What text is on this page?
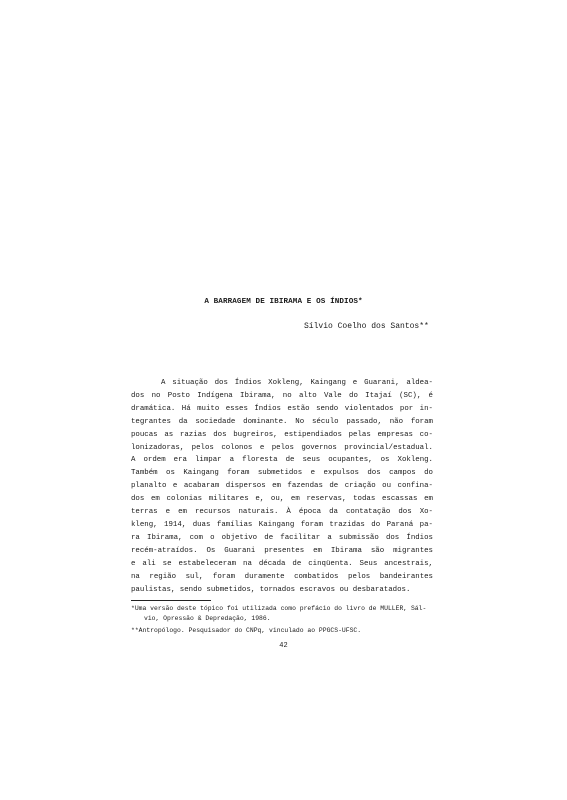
A BARRAGEM DE IBIRAMA E OS ÍNDIOS*
Sílvio Coelho dos Santos**
A situação dos Índios Xokleng, Kaingang e Guarani, aldea-
dos no Posto Indígena Ibirama, no alto Vale do Itajaí (SC), é
dramática. Há muito esses Índios estão sendo violentados por in-
tegrantes da sociedade dominante. No século passado, não foram
poucas as razias dos bugreiros, estipendiados pelas empresas co-
lonizadoras, pelos colonos e pelos governos provincial/estadual.
A ordem era limpar a floresta de seus ocupantes, os Xokleng.
Também os Kaingang foram submetidos e expulsos dos campos do
planalto e acabaram dispersos em fazendas de criação ou confina-
dos em colonias militares e, ou, em reservas, todas escassas em
terras e em recursos naturais. À época da contatação dos Xo-
kleng, 1914, duas famílias Kaingang foram trazidas do Paraná pa-
ra Ibirama, com o objetivo de facilitar a submissão dos Índios
recém-atraídos. Os Guarani presentes em Ibirama são migrantes
e ali se estabeleceram na década de cinqüenta. Seus ancestrais,
na região sul, foram duramente combatidos pelos bandeirantes
paulistas, sendo submetidos, tornados escravos ou desbaratados.
*Uma versão deste tópico foi utilizada como prefácio do livro de MULLER, Sál-
vio, Opressão & Depredação, 1986.
**Antropólogo. Pesquisador do CNPq, vinculado ao PPGCS-UFSC.
42
